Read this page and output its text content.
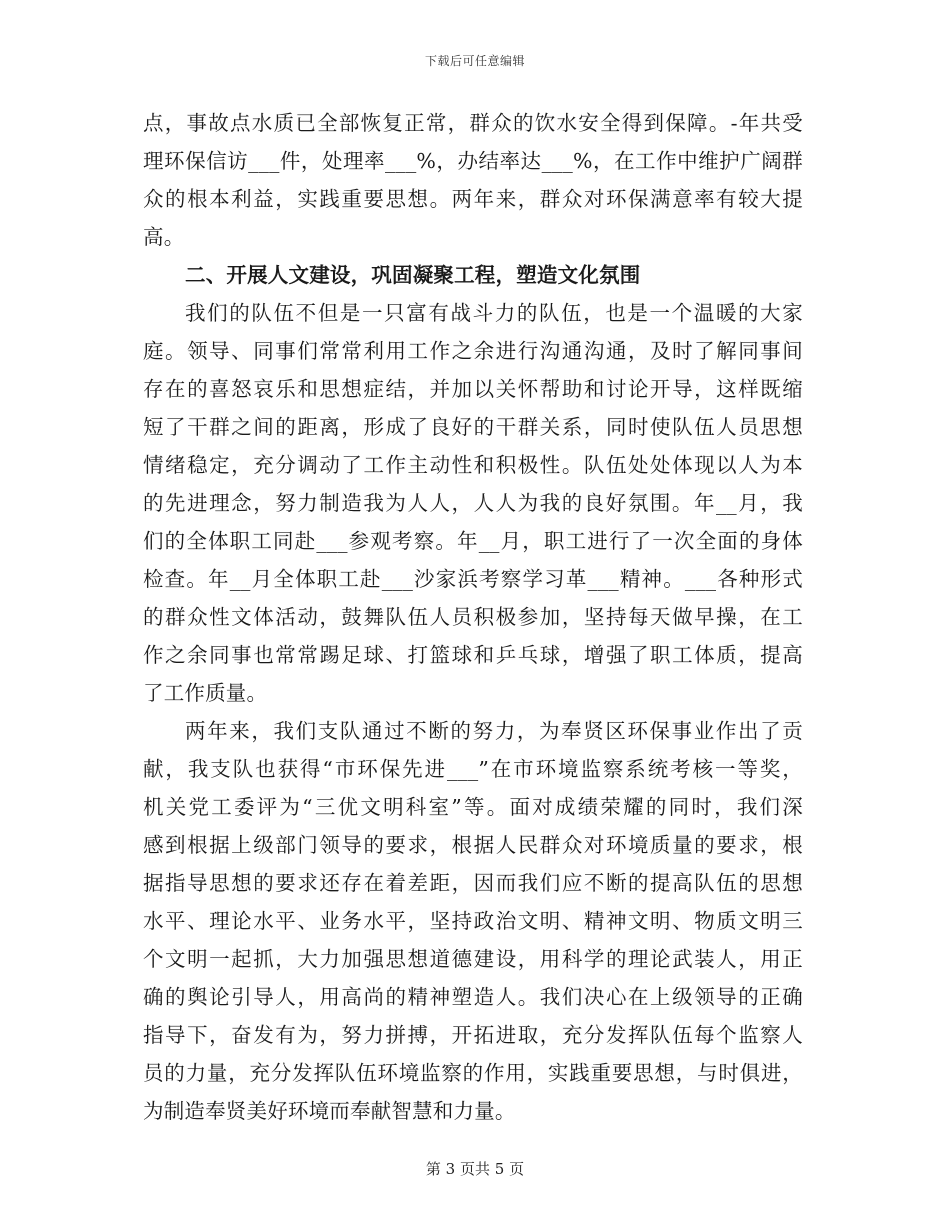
下载后可任意编辑
点，事故点水质已全部恢复正常，群众的饮水安全得到保障。-年共受
理环保信访___件，处理率___%，办结率达___%，在工作中维护广阔群
众的根本利益，实践重要思想。两年来，群众对环保满意率有较大提
高。
二、开展人文建设，巩固凝聚工程，塑造文化氛围
我们的队伍不但是一只富有战斗力的队伍，也是一个温暖的大家
庭。领导、同事们常常利用工作之余进行沟通沟通，及时了解同事间
存在的喜怒哀乐和思想症结，并加以关怀帮助和讨论开导，这样既缩
短了干群之间的距离，形成了良好的干群关系，同时使队伍人员思想
情绪稳定，充分调动了工作主动性和积极性。队伍处处体现以人为本
的先进理念，努力制造我为人人，人人为我的良好氛围。年__月，我
们的全体职工同赴___参观考察。年__月，职工进行了一次全面的身体
检查。年__月全体职工赴___沙家浜考察学习革___精神。___各种形式
的群众性文体活动，鼓舞队伍人员积极参加，坚持每天做早操，在工
作之余同事也常常踢足球、打篮球和乒乓球，增强了职工体质，提高
了工作质量。
两年来，我们支队通过不断的努力，为奉贤区环保事业作出了贡
献，我支队也获得“市环保先进___”在市环境监察系统考核一等奖，
机关党工委评为“三优文明科室”等。面对成绩荣耀的同时，我们深
感到根据上级部门领导的要求，根据人民群众对环境质量的要求，根
据指导思想的要求还存在着差距，因而我们应不断的提高队伍的思想
水平、理论水平、业务水平，坚持政治文明、精神文明、物质文明三
个文明一起抓，大力加强思想道德建设，用科学的理论武装人，用正
确的舆论引导人，用高尚的精神塑造人。我们决心在上级领导的正确
指导下，奋发有为，努力拼搏，开拓进取，充分发挥队伍每个监察人
员的力量，充分发挥队伍环境监察的作用，实践重要思想，与时俱进，
为制造奉贤美好环境而奉献智慧和力量。
第 3 页共 5 页
